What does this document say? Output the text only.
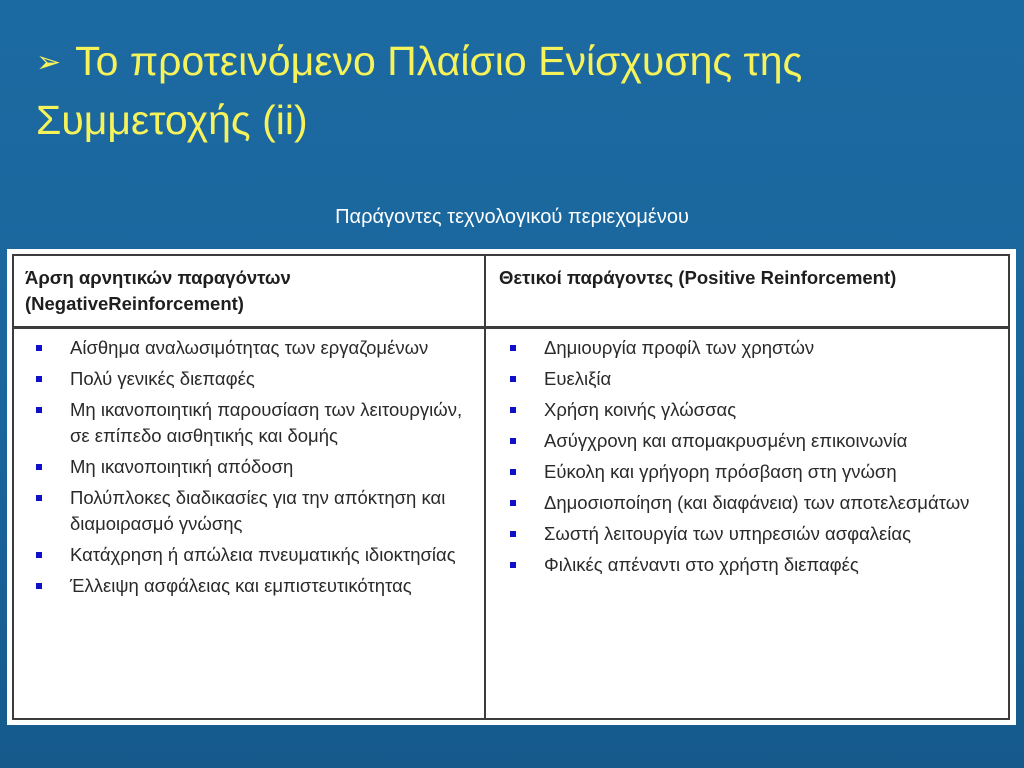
➢ Το προτεινόμενο Πλαίσιο Ενίσχυσης της Συμμετοχής (ii)
Παράγοντες τεχνολογικού περιεχομένου
Άρση αρνητικών παραγόντων
(NegativeReinforcement)
Θετικοί παράγοντες (Positive Reinforcement)
Αίσθημα αναλωσιμότητας των εργαζομένων
Πολύ γενικές διεπαφές
Μη ικανοποιητική παρουσίαση των λειτουργιών, σε επίπεδο αισθητικής και δομής
Μη ικανοποιητική απόδοση
Πολύπλοκες διαδικασίες για την απόκτηση και διαμοιρασμό γνώσης
Κατάχρηση ή απώλεια πνευματικής ιδιοκτησίας
Έλλειψη ασφάλειας και εμπιστευτικότητας
Δημιουργία προφίλ των χρηστών
Ευελιξία
Χρήση κοινής γλώσσας
Ασύγχρονη και απομακρυσμένη επικοινωνία
Εύκολη και γρήγορη πρόσβαση στη γνώση
Δημοσιοποίηση (και διαφάνεια) των αποτελεσμάτων
Σωστή λειτουργία των υπηρεσιών ασφαλείας
Φιλικές απέναντι στο χρήστη διεπαφές
